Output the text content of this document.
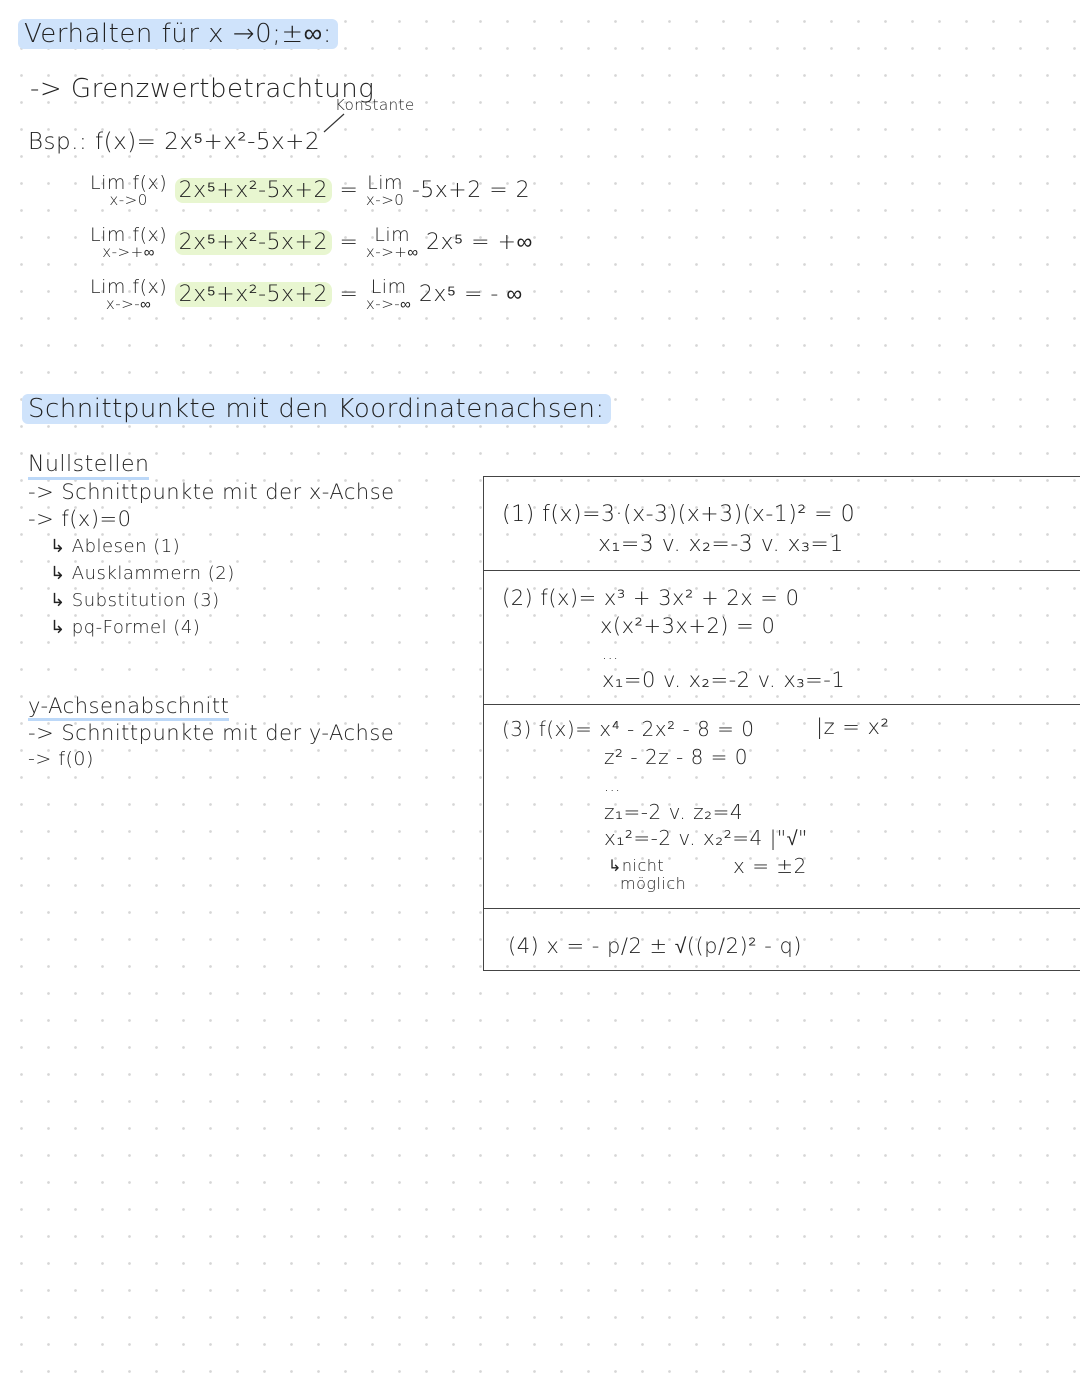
Verhalten für x →0;±∞:
-> Grenzwertbetrachtung
Konstante
Bsp.: f(x)= 2x⁵+x²-5x+2
Lim f(x)
x->0	2x⁵+x²-5x+2 = Lim
x->0 -5x+2 = 2
Lim f(x)
x->+∞	2x⁵+x²-5x+2 = Lim
x->+∞ 2x⁵ = +∞
Lim f(x)
x->-∞	2x⁵+x²-5x+2 = Lim
x->-∞ 2x⁵ = - ∞
Schnittpunkte mit den Koordinatenachsen:
Nullstellen
-> Schnittpunkte mit der x-Achse
-> f(x)=0
↳ Ablesen (1)
↳ Ausklammern (2)
↳ Substitution (3)
↳ pq-Formel (4)
y-Achsenabschnitt
-> Schnittpunkte mit der y-Achse
-> f(0)
(1) f(x)=3·(x-3)(x+3)(x-1)² = 0
x₁=3 v. x₂=-3 v. x₃=1
(2) f(x)= x³ + 3x² + 2x = 0
x(x²+3x+2) = 0
...
x₁=0 v. x₂=-2 v. x₃=-1
(3) f(x)= x⁴ - 2x² - 8 = 0	|z = x²
z² - 2z - 8 = 0
...
z₁=-2 v. z₂=4
x₁²=-2 v. x₂²=4 |"√"
↳nicht
möglich
x = ±2
(4) x = - p/2 ± √((p/2)² - q)
